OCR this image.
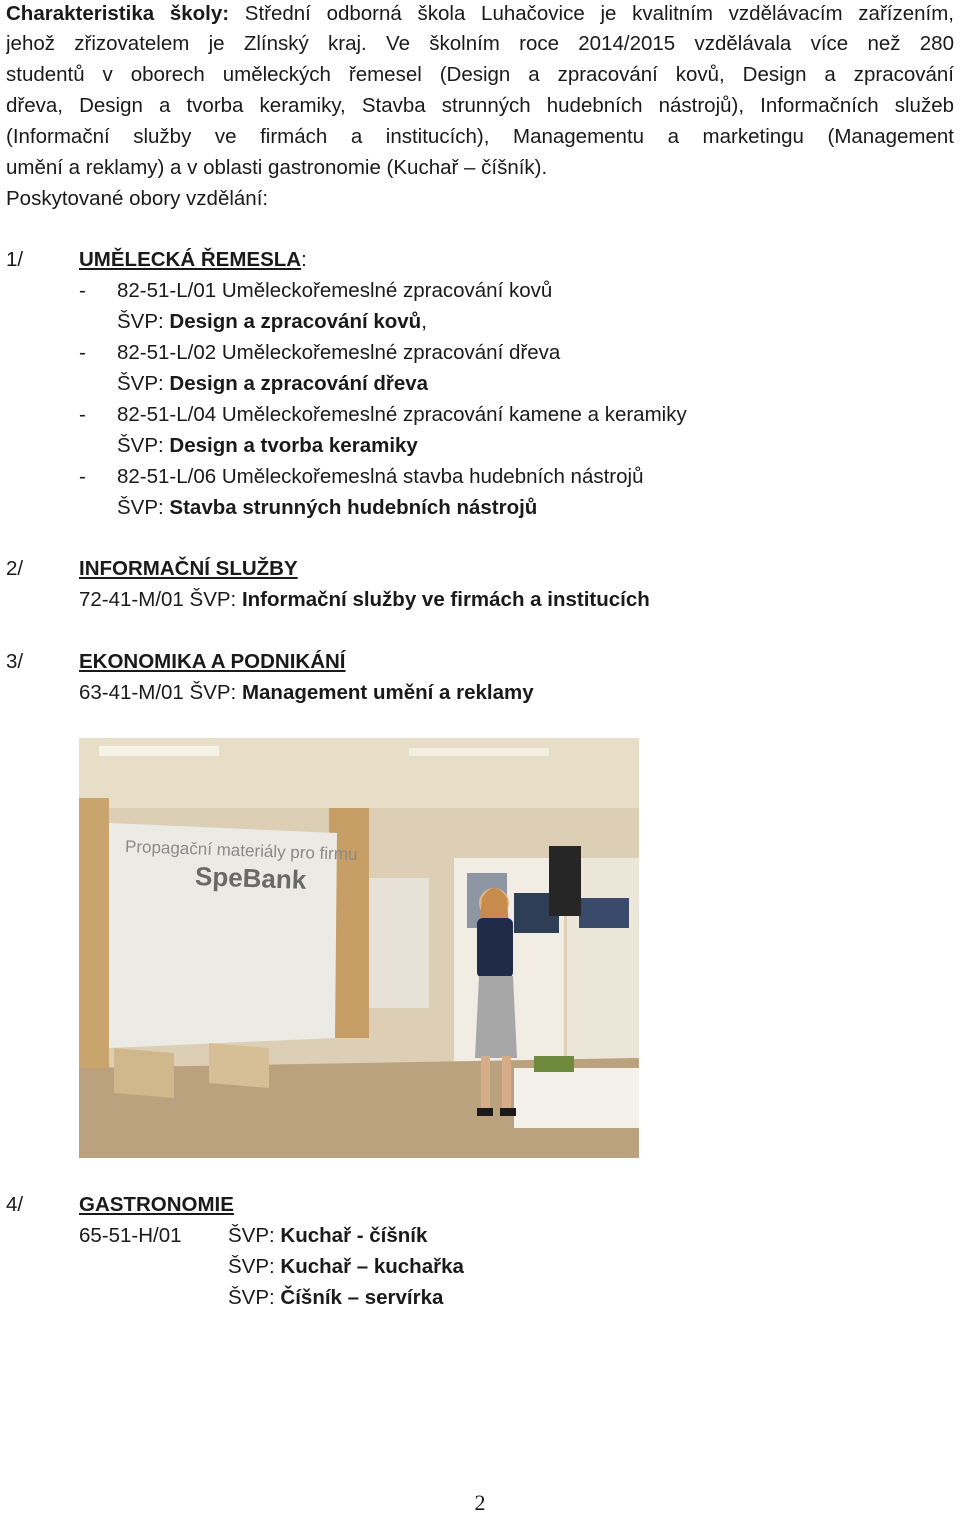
Charakteristika školy: Střední odborná škola Luhačovice je kvalitním vzdělávacím zařízením,
jehož zřizovatelem je Zlínský kraj. Ve školním roce 2014/2015 vzdělávala více než 280
studentů v oborech uměleckých řemesel (Design a zpracování kovů, Design a zpracování
dřeva, Design a tvorba keramiky, Stavba strunných hudebních nástrojů), Informačních služeb
(Informační služby ve firmách a institucích), Managementu a marketingu (Management
umění a reklamy) a v oblasti gastronomie (Kuchař – číšník).
Poskytované obory vzdělání:
1/	UMĚLECKÁ ŘEMESLA:
- 82-51-L/01 Uměleckořemeslné zpracování kovů
ŠVP: Design a zpracování kovů,
- 82-51-L/02 Uměleckořemeslné zpracování dřeva
ŠVP: Design a zpracování dřeva
- 82-51-L/04 Uměleckořemeslné zpracování kamene a keramiky
ŠVP: Design a tvorba keramiky
- 82-51-L/06 Uměleckořemeslná stavba hudebních nástrojů
ŠVP: Stavba strunných hudebních nástrojů
2/	INFORMAČNÍ SLUŽBY
72-41-M/01 ŠVP: Informační služby ve firmách a institucích
3/	EKONOMIKA A PODNIKÁNÍ
63-41-M/01 ŠVP: Management umění a reklamy
Propagační materiály pro firmu
SpeBank
4/	GASTRONOMIE
65-51-H/01 ŠVP: Kuchař - číšník
ŠVP: Kuchař – kuchařka
ŠVP: Číšník – servírka
2
